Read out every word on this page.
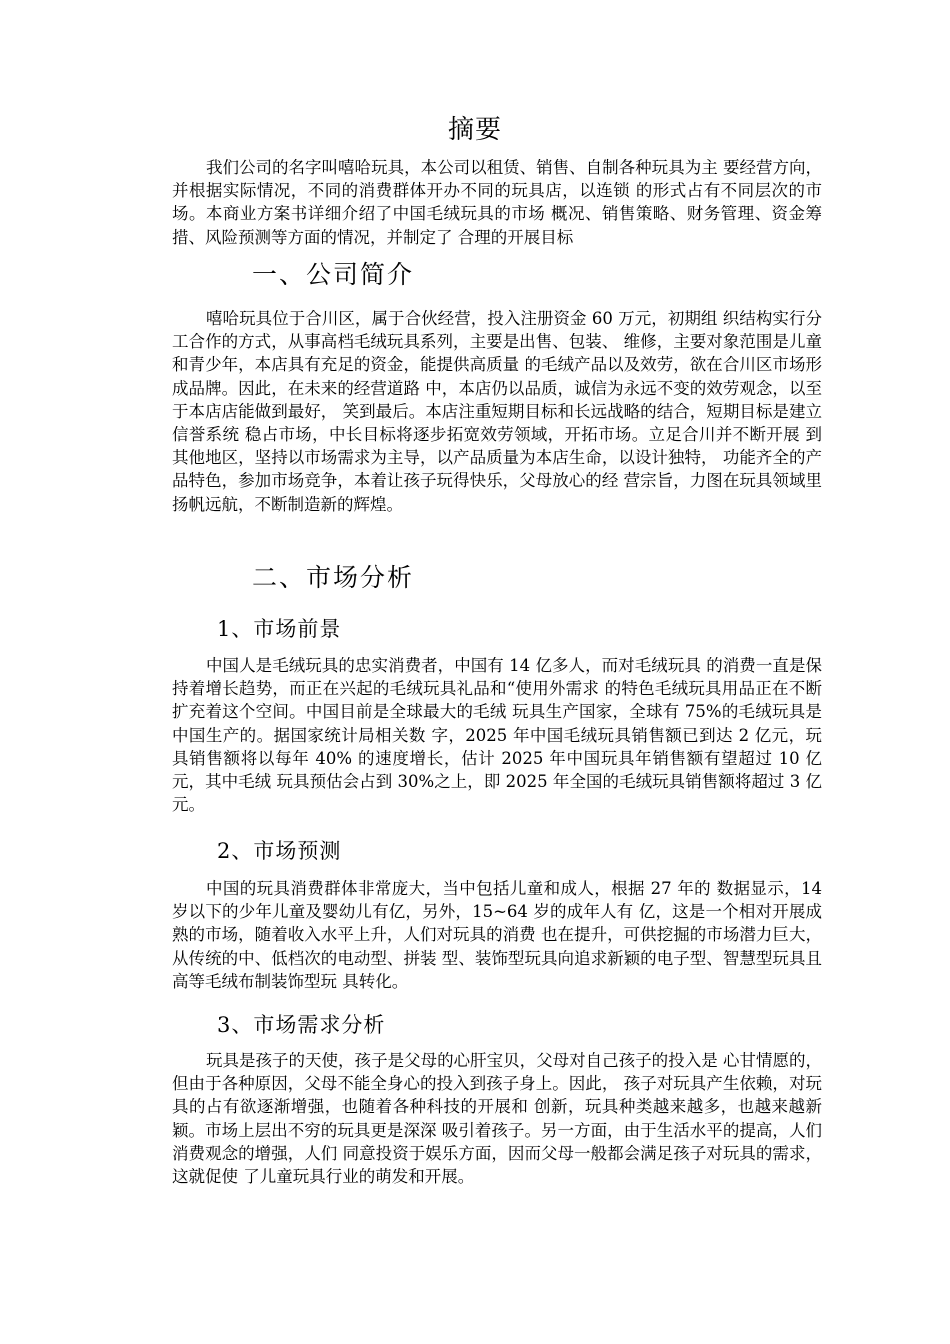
摘要

我们公司的名字叫嘻哈玩具，本公司以租赁、销售、自制各种玩具为主 要经营方向，并根据实际情况，不同的消费群体开办不同的玩具店，以连锁 的形式占有不同层次的市场。本商业方案书详细介绍了中国毛绒玩具的市场 概况、销售策略、财务管理、资金筹措、风险预测等方面的情况，并制定了 合理的开展目标

一、公司简介

嘻哈玩具位于合川区，属于合伙经营，投入注册资金 60 万元，初期组 织结构实行分工合作的方式，从事高档毛绒玩具系列，主要是出售、包装、 维修，主要对象范围是儿童和青少年，本店具有充足的资金，能提供高质量 的毛绒产品以及效劳，欲在合川区市场形成品牌。因此，在未来的经营道路 中，本店仍以品质，诚信为永远不变的效劳观念，以至于本店店能做到最好， 笑到最后。本店注重短期目标和长远战略的结合，短期目标是建立信誉系统 稳占市场，中长目标将逐步拓宽效劳领域，开拓市场。立足合川并不断开展 到其他地区，坚持以市场需求为主导，以产品质量为本店生命，以设计独特， 功能齐全的产品特色，参加市场竞争，本着让孩子玩得快乐，父母放心的经 营宗旨，力图在玩具领域里扬帆远航，不断制造新的辉煌。

二、市场分析
1、市场前景

中国人是毛绒玩具的忠实消费者，中国有 14 亿多人，而对毛绒玩具 的消费一直是保持着增长趋势，而正在兴起的毛绒玩具礼品和“使用外需求 的特色毛绒玩具用品正在不断扩充着这个空间。中国目前是全球最大的毛绒 玩具生产国家，全球有 75%的毛绒玩具是中国生产的。据国家统计局相关数 字，2025 年中国毛绒玩具销售额已到达 2 亿元，玩具销售额将以每年 40% 的速度增长，估计 2025 年中国玩具年销售额有望超过 10 亿元，其中毛绒 玩具预估会占到 30%之上，即 2025 年全国的毛绒玩具销售额将超过 3 亿 元。

2、市场预测

中国的玩具消费群体非常庞大，当中包括儿童和成人，根据 27 年的 数据显示，14 岁以下的少年儿童及婴幼儿有亿，另外，15~64 岁的成年人有 亿，这是一个相对开展成熟的市场，随着收入水平上升，人们对玩具的消费 也在提升，可供挖掘的市场潜力巨大，从传统的中、低档次的电动型、拼装 型、装饰型玩具向追求新颖的电子型、智慧型玩具且高等毛绒布制装饰型玩 具转化。

3、市场需求分析

玩具是孩子的天使，孩子是父母的心肝宝贝，父母对自己孩子的投入是 心甘情愿的，但由于各种原因，父母不能全身心的投入到孩子身上。因此， 孩子对玩具产生依赖，对玩具的占有欲逐渐增强，也随着各种科技的开展和 创新，玩具种类越来越多，也越来越新颖。市场上层出不穷的玩具更是深深 吸引着孩子。另一方面，由于生活水平的提高，人们消费观念的增强，人们 同意投资于娱乐方面，因而父母一般都会满足孩子对玩具的需求，这就促使 了儿童玩具行业的萌发和开展。
